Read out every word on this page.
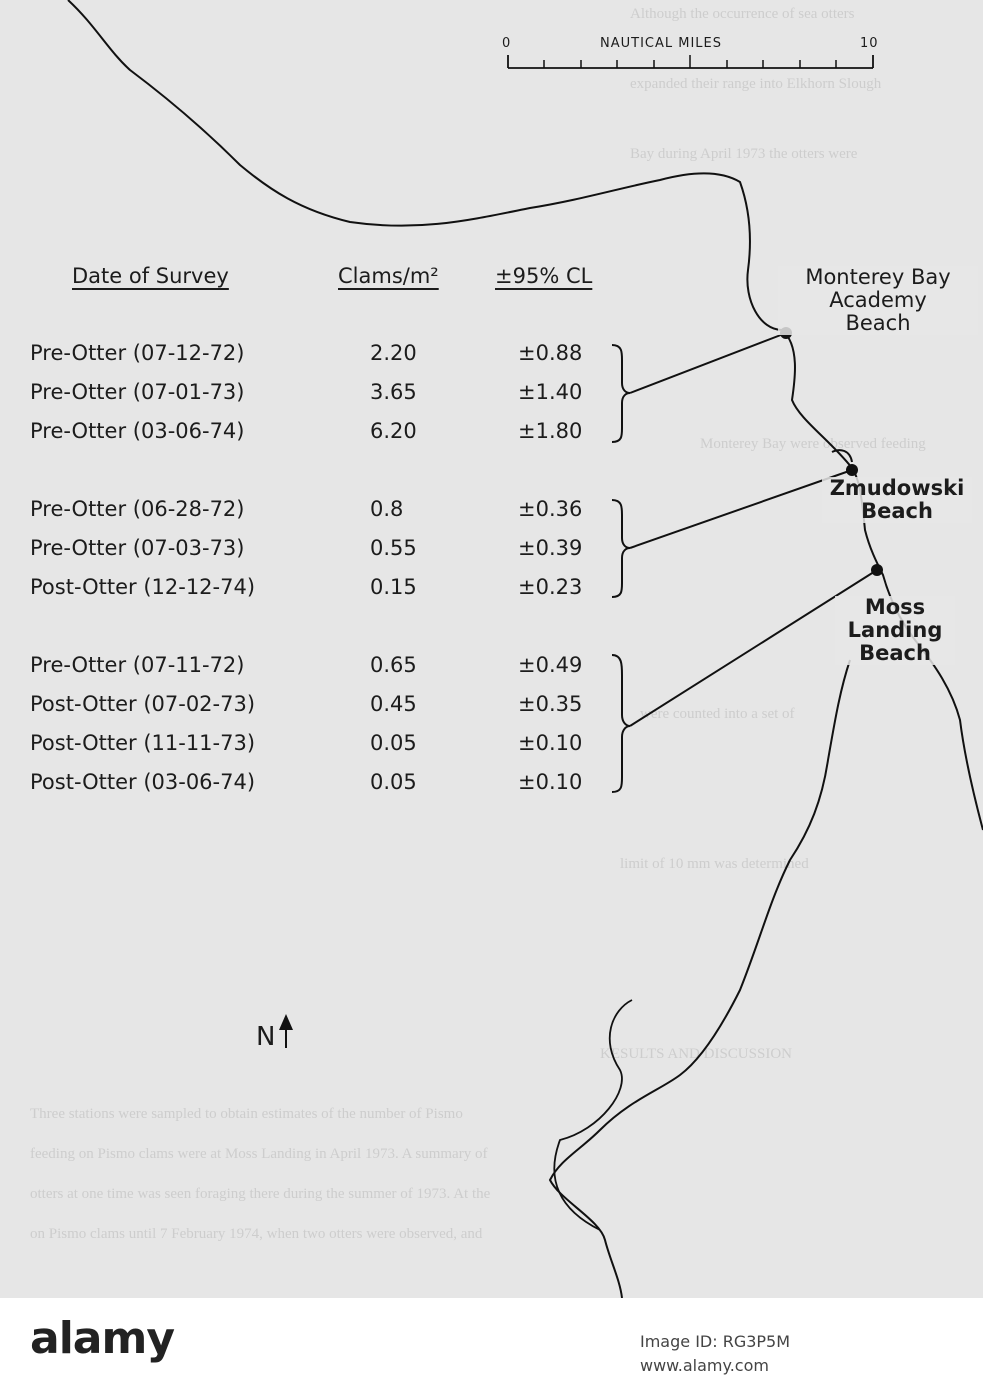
Although the occurrence of sea otters
expanded their range into Elkhorn Slough
Bay during April 1973 the otters were
Monterey Bay were observed feeding
were counted into a set of
limit of 10 mm was determined
KESULTS AND DISCUSSION
Three stations were sampled to obtain estimates of the number of Pismo
feeding on Pismo clams were at Moss Landing in April 1973. A summary of
otters at one time was seen foraging there during the summer of 1973. At the
on Pismo clams until 7 February 1974, when two otters were observed, and
0	NAUTICAL MILES	10
Date of Survey	Clams/m²	±95% CL
Pre-Otter (07-12-72)	2.20	±0.88
Pre-Otter (07-01-73)	3.65	±1.40
Pre-Otter (03-06-74)	6.20	±1.80
Pre-Otter (06-28-72)	0.8	±0.36
Pre-Otter (07-03-73)	0.55	±0.39
Post-Otter (12-12-74)	0.15	±0.23
Pre-Otter (07-11-72)	0.65	±0.49
Post-Otter (07-02-73)	0.45	±0.35
Post-Otter (11-11-73)	0.05	±0.10
Post-Otter (03-06-74)	0.05	±0.10
Monterey Bay
Academy
Beach
Zmudowski
Beach
Moss
Landing
Beach
N
alamy	Image ID: RG3P5M
www.alamy.com
